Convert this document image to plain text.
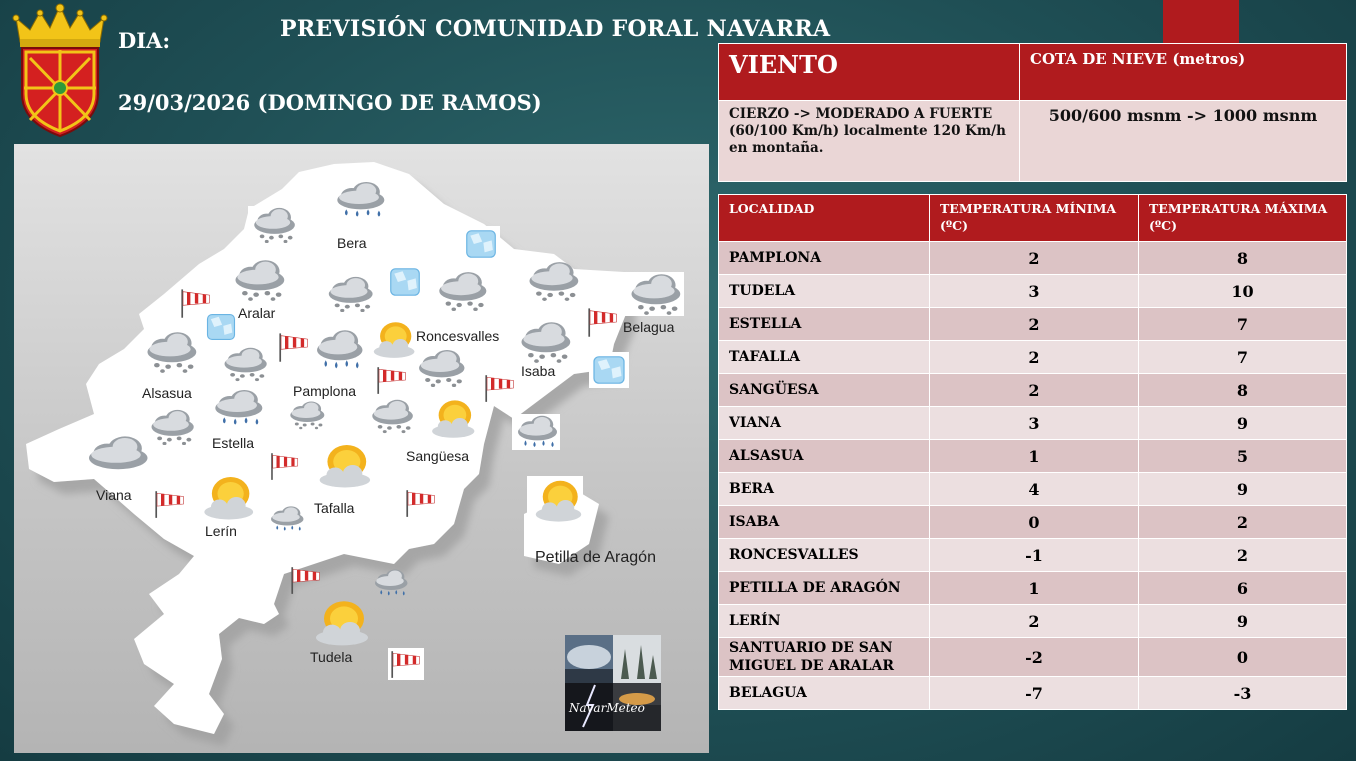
DIA:	PREVISIÓN COMUNIDAD FORAL NAVARRA
29/03/2026 (DOMINGO DE RAMOS)
Bera
Aralar
Roncesvalles
Belagua
Alsasua	Pamplona
Isaba
Estella
Sangüesa
Viana
Tafalla
Lerín
Petilla de Aragón
Tudela
NavarMeteo
VIENTO	COTA DE NIEVE (metros)
CIERZO -> MODERADO A FUERTE (60/100 Km/h) localmente 120 Km/h en montaña.	500/600 msnm -> 1000 msnm
LOCALIDAD	TEMPERATURA MÍNIMA (ºC)	TEMPERATURA MÁXIMA (ºC)
PAMPLONA	2	8
TUDELA	3	10
ESTELLA	2	7
TAFALLA	2	7
SANGÜESA	2	8
VIANA	3	9
ALSASUA	1	5
BERA	4	9
ISABA	0	2
RONCESVALLES	-1	2
PETILLA DE ARAGÓN	1	6
LERÍN	2	9
SANTUARIO DE SAN MIGUEL DE ARALAR	-2	0
BELAGUA	-7	-3
